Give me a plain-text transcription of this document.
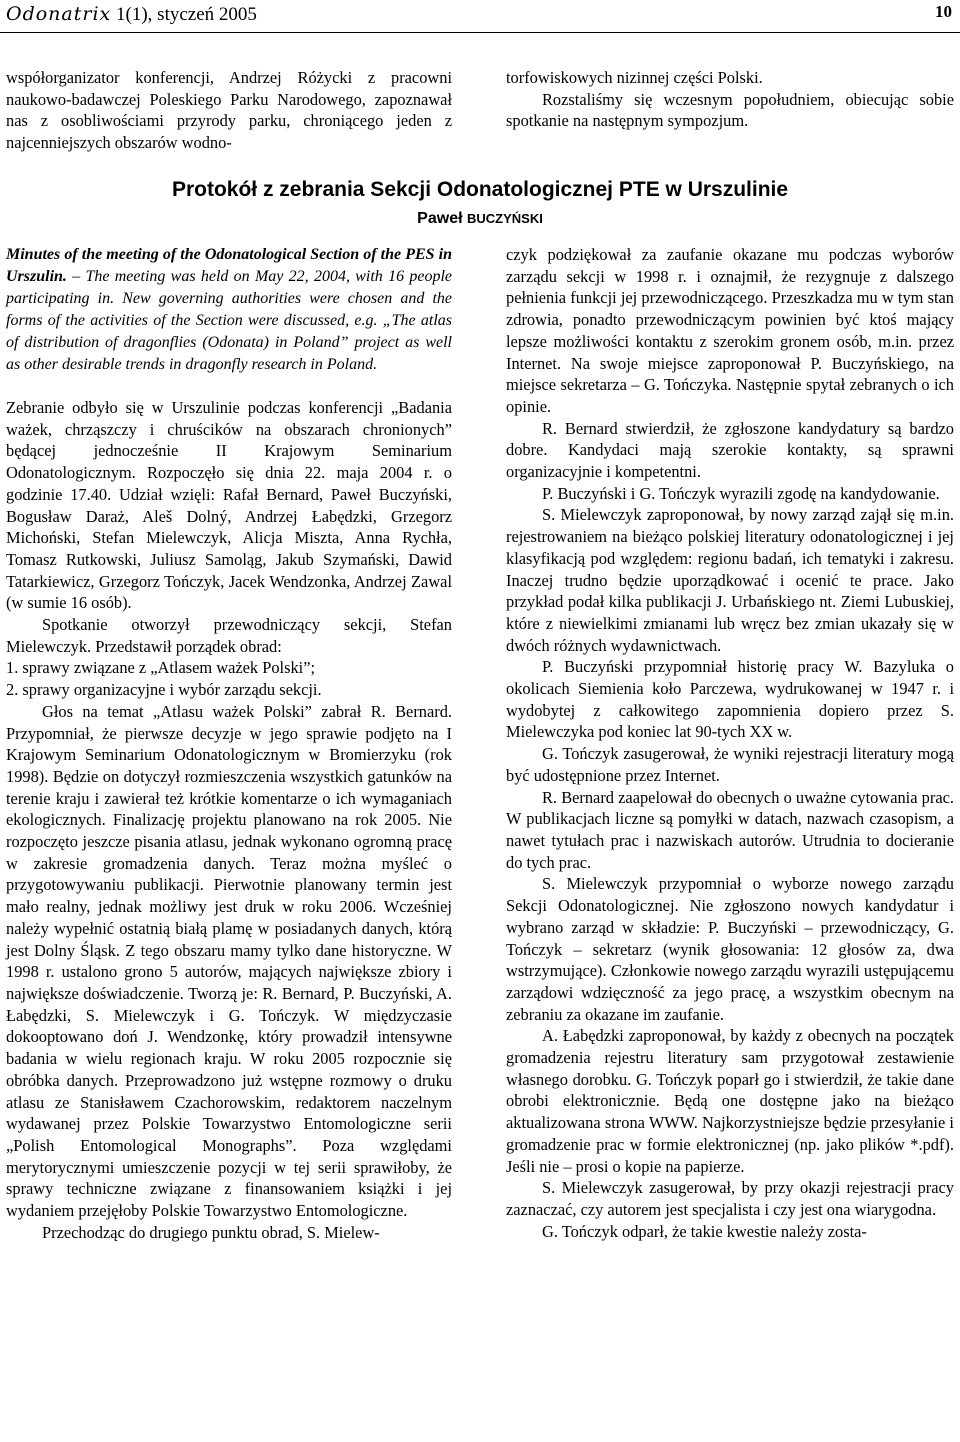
Odonatrix 1(1), styczeń 2005	10

współorganizator konferencji, Andrzej Różycki z pracowni naukowo-badawczej Poleskiego Parku Narodowego, zapoznawał nas z osobliwościami przyrody parku, chroniącego jeden z najcenniejszych obszarów wodno-

torfowiskowych nizinnej części Polski.

Rozstaliśmy się wczesnym popołudniem, obiecując sobie spotkanie na następnym sympozjum.

Protokół z zebrania Sekcji Odonatologicznej PTE w Urszulinie
Paweł BUCZYŃSKI

Minutes of the meeting of the Odonatological Section of the PES in Urszulin. – The meeting was held on May 22, 2004, with 16 people participating in. New governing authorities were chosen and the forms of the activities of the Section were discussed, e.g. „The atlas of distribution of dragonflies (Odonata) in Poland” project as well as other desirable trends in dragonfly research in Poland.

Zebranie odbyło się w Urszulinie podczas konferencji „Badania ważek, chrząszczy i chruścików na obszarach chronionych” będącej jednocześnie II Krajowym Seminarium Odonatologicznym. Rozpoczęło się dnia 22. maja 2004 r. o godzinie 17.40. Udział wzięli: Rafał Bernard, Paweł Buczyński, Bogusław Daraż, Aleš Dolný, Andrzej Łabędzki, Grzegorz Michoński, Stefan Mielewczyk, Alicja Miszta, Anna Rychła, Tomasz Rutkowski, Juliusz Samoląg, Jakub Szymański, Dawid Tatarkiewicz, Grzegorz Tończyk, Jacek Wendzonka, Andrzej Zawal (w sumie 16 osób).

Spotkanie otworzył przewodniczący sekcji, Stefan Mielewczyk. Przedstawił porządek obrad:

1. sprawy związane z „Atlasem ważek Polski”;

2. sprawy organizacyjne i wybór zarządu sekcji.

Głos na temat „Atlasu ważek Polski” zabrał R. Bernard. Przypomniał, że pierwsze decyzje w jego sprawie podjęto na I Krajowym Seminarium Odonatologicznym w Bromierzyku (rok 1998). Będzie on dotyczył rozmieszczenia wszystkich gatunków na terenie kraju i zawierał też krótkie komentarze o ich wymaganiach ekologicznych. Finalizację projektu planowano na rok 2005. Nie rozpoczęto jeszcze pisania atlasu, jednak wykonano ogromną pracę w zakresie gromadzenia danych. Teraz można myśleć o przygotowywaniu publikacji. Pierwotnie planowany termin jest mało realny, jednak możliwy jest druk w roku 2006. Wcześniej należy wypełnić ostatnią białą plamę w posiadanych danych, którą jest Dolny Śląsk. Z tego obszaru mamy tylko dane historyczne. W 1998 r. ustalono grono 5 autorów, mających największe zbiory i największe doświadczenie. Tworzą je: R. Bernard, P. Buczyński, A. Łabędzki, S. Mielewczyk i G. Tończyk. W międzyczasie dokooptowano doń J. Wendzonkę, który prowadził intensywne badania w wielu regionach kraju. W roku 2005 rozpocznie się obróbka danych. Przeprowadzono już wstępne rozmowy o druku atlasu ze Stanisławem Czachorowskim, redaktorem naczelnym wydawanej przez Polskie Towarzystwo Entomologiczne serii „Polish Entomological Monographs”. Poza względami merytorycznymi umieszczenie pozycji w tej serii sprawiłoby, że sprawy techniczne związane z finansowaniem książki i jej wydaniem przejęłoby Polskie Towarzystwo Entomologiczne.

Przechodząc do drugiego punktu obrad, S. Mielew-

czyk podziękował za zaufanie okazane mu podczas wyborów zarządu sekcji w 1998 r. i oznajmił, że rezygnuje z dalszego pełnienia funkcji jej przewodniczącego. Przeszkadza mu w tym stan zdrowia, ponadto przewodniczącym powinien być ktoś mający lepsze możliwości kontaktu z szerokim gronem osób, m.in. przez Internet. Na swoje miejsce zaproponował P. Buczyńskiego, na miejsce sekretarza – G. Tończyka. Następnie spytał zebranych o ich opinie.

R. Bernard stwierdził, że zgłoszone kandydatury są bardzo dobre. Kandydaci mają szerokie kontakty, są sprawni organizacyjnie i kompetentni.

P. Buczyński i G. Tończyk wyrazili zgodę na kandydowanie.

S. Mielewczyk zaproponował, by nowy zarząd zajął się m.in. rejestrowaniem na bieżąco polskiej literatury odonatologicznej i jej klasyfikacją pod względem: regionu badań, ich tematyki i zakresu. Inaczej trudno będzie uporządkować i ocenić te prace. Jako przykład podał kilka publikacji J. Urbańskiego nt. Ziemi Lubuskiej, które z niewielkimi zmianami lub wręcz bez zmian ukazały się w dwóch różnych wydawnictwach.

P. Buczyński przypomniał historię pracy W. Bazyluka o okolicach Siemienia koło Parczewa, wydrukowanej w 1947 r. i wydobytej z całkowitego zapomnienia dopiero przez S. Mielewczyka pod koniec lat 90-tych XX w.

G. Tończyk zasugerował, że wyniki rejestracji literatury mogą być udostępnione przez Internet.

R. Bernard zaapelował do obecnych o uważne cytowania prac. W publikacjach liczne są pomyłki w datach, nazwach czasopism, a nawet tytułach prac i nazwiskach autorów. Utrudnia to docieranie do tych prac.

S. Mielewczyk przypomniał o wyborze nowego zarządu Sekcji Odonatologicznej. Nie zgłoszono nowych kandydatur i wybrano zarząd w składzie: P. Buczyński – przewodniczący, G. Tończyk – sekretarz (wynik głosowania: 12 głosów za, dwa wstrzymujące). Członkowie nowego zarządu wyrazili ustępującemu zarządowi wdzięczność za jego pracę, a wszystkim obecnym na zebraniu za okazane im zaufanie.

A. Łabędzki zaproponował, by każdy z obecnych na początek gromadzenia rejestru literatury sam przygotował zestawienie własnego dorobku. G. Tończyk poparł go i stwierdził, że takie dane obrobi elektronicznie. Będą one dostępne jako na bieżąco aktualizowana strona WWW. Najkorzystniejsze będzie przesyłanie i gromadzenie prac w formie elektronicznej (np. jako plików *.pdf). Jeśli nie – prosi o kopie na papierze.

S. Mielewczyk zasugerował, by przy okazji rejestracji pracy zaznaczać, czy autorem jest specjalista i czy jest ona wiarygodna.

G. Tończyk odparł, że takie kwestie należy zosta-
